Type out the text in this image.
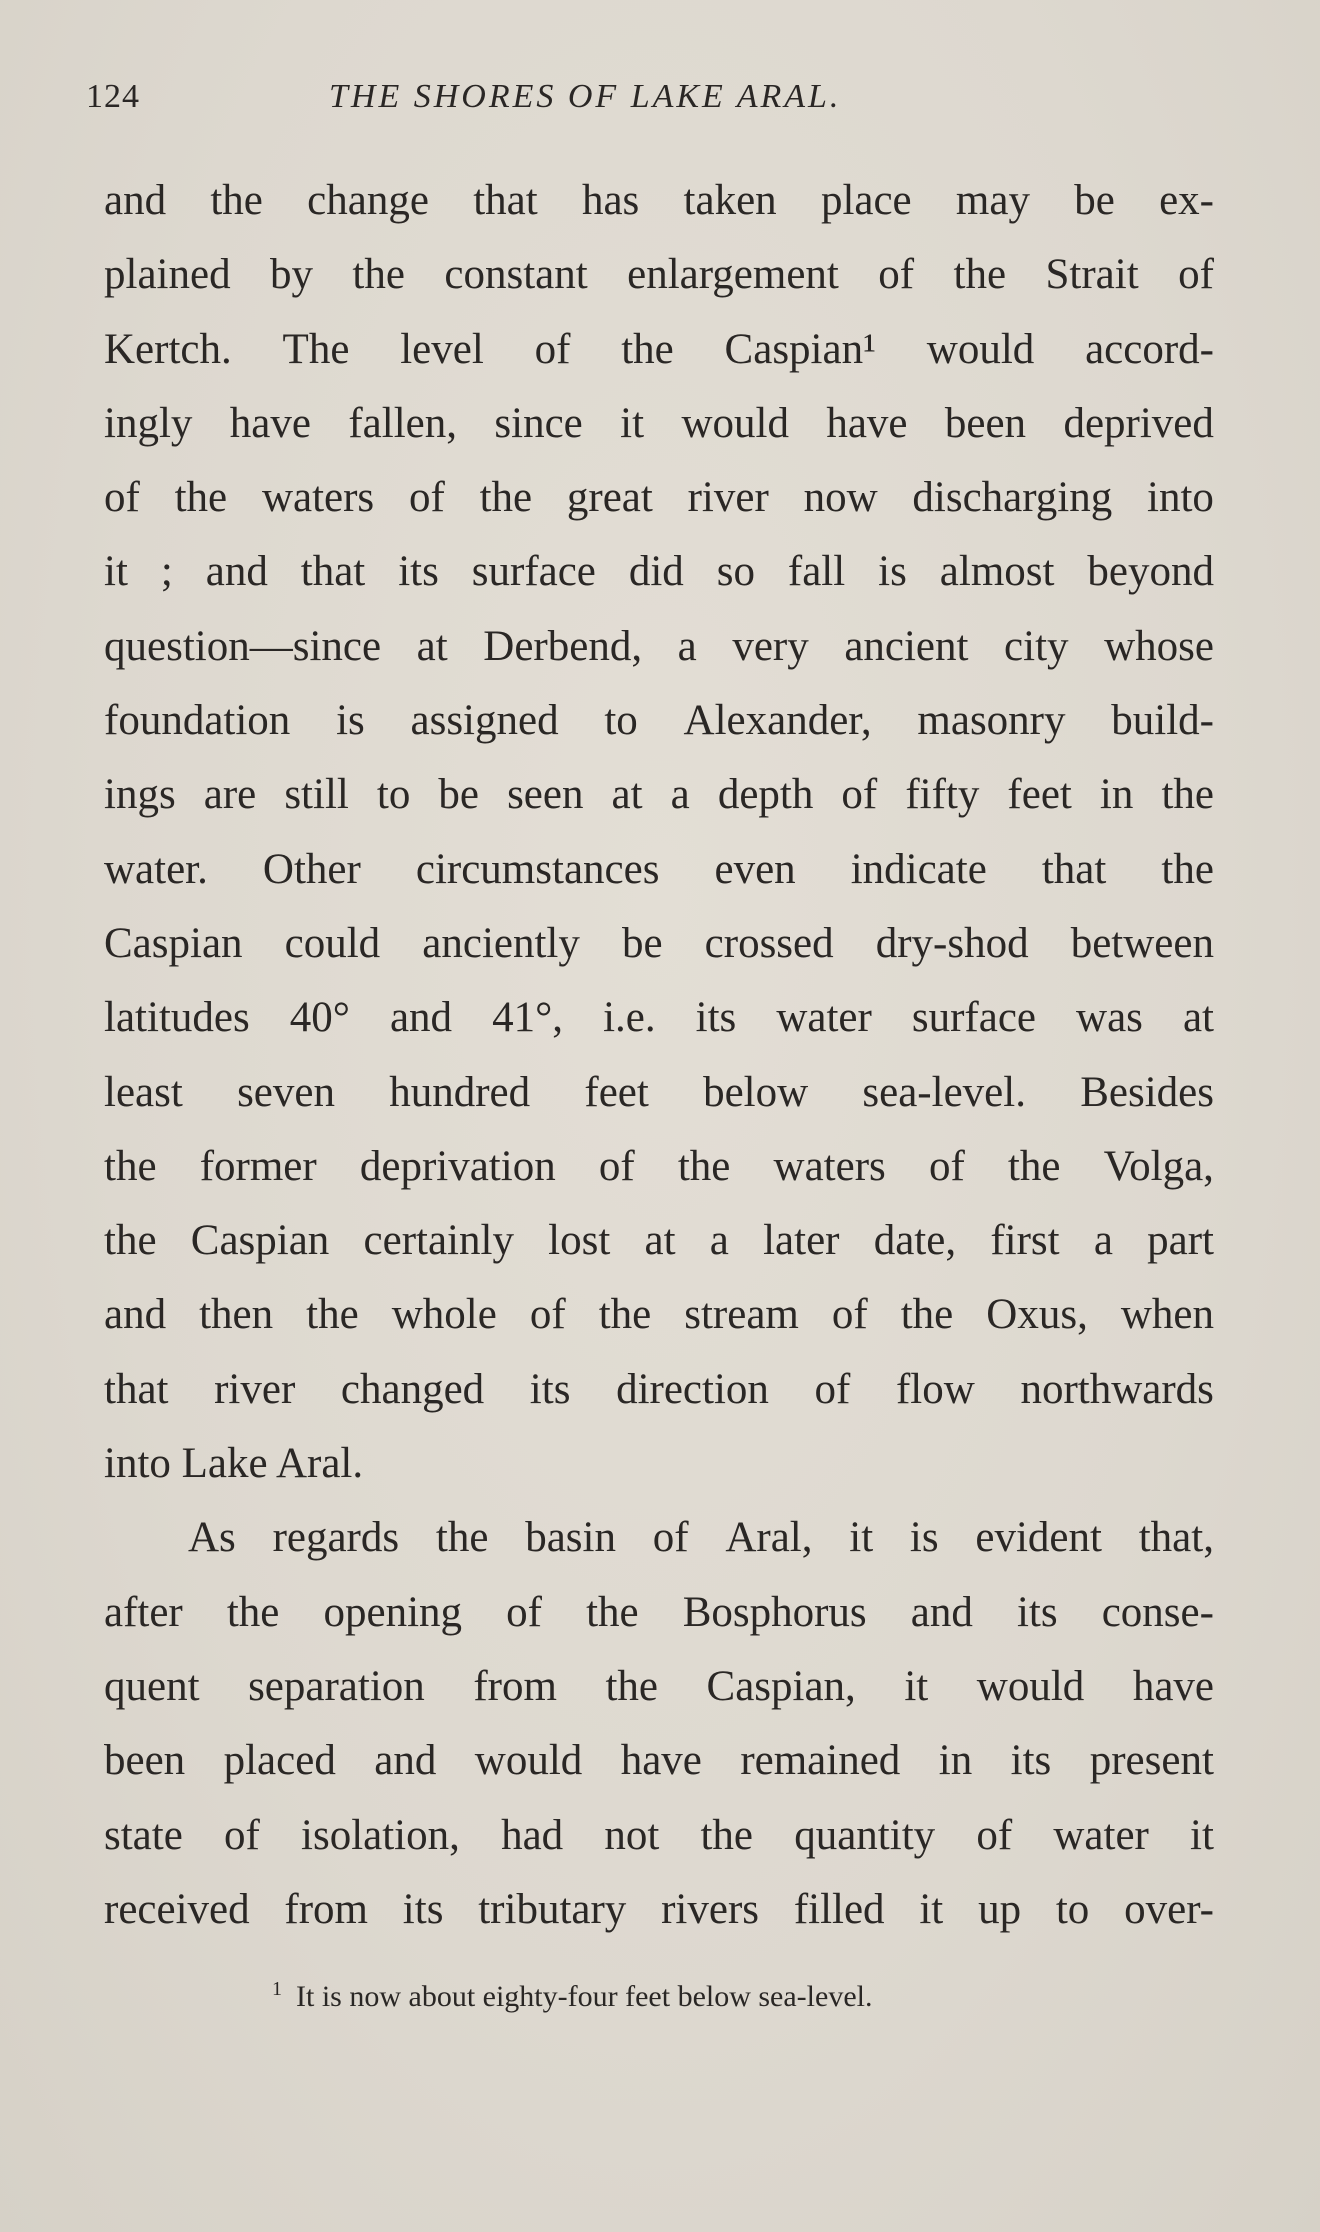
124	THE SHORES OF LAKE ARAL.
and the change that has taken place may be ex-
plained by the constant enlargement of the Strait of
Kertch. The level of the Caspian¹ would accord-
ingly have fallen, since it would have been deprived
of the waters of the great river now discharging into
it ; and that its surface did so fall is almost beyond
question—since at Derbend, a very ancient city whose
foundation is assigned to Alexander, masonry build-
ings are still to be seen at a depth of fifty feet in the
water. Other circumstances even indicate that the
Caspian could anciently be crossed dry-shod between
latitudes 40° and 41°, i.e. its water surface was at
least seven hundred feet below sea-level. Besides
the former deprivation of the waters of the Volga,
the Caspian certainly lost at a later date, first a part
and then the whole of the stream of the Oxus, when
that river changed its direction of flow northwards
into Lake Aral.
As regards the basin of Aral, it is evident that,
after the opening of the Bosphorus and its conse-
quent separation from the Caspian, it would have
been placed and would have remained in its present
state of isolation, had not the quantity of water it
received from its tributary rivers filled it up to over-
$^1$ It is now about eighty-four feet below sea-level.
